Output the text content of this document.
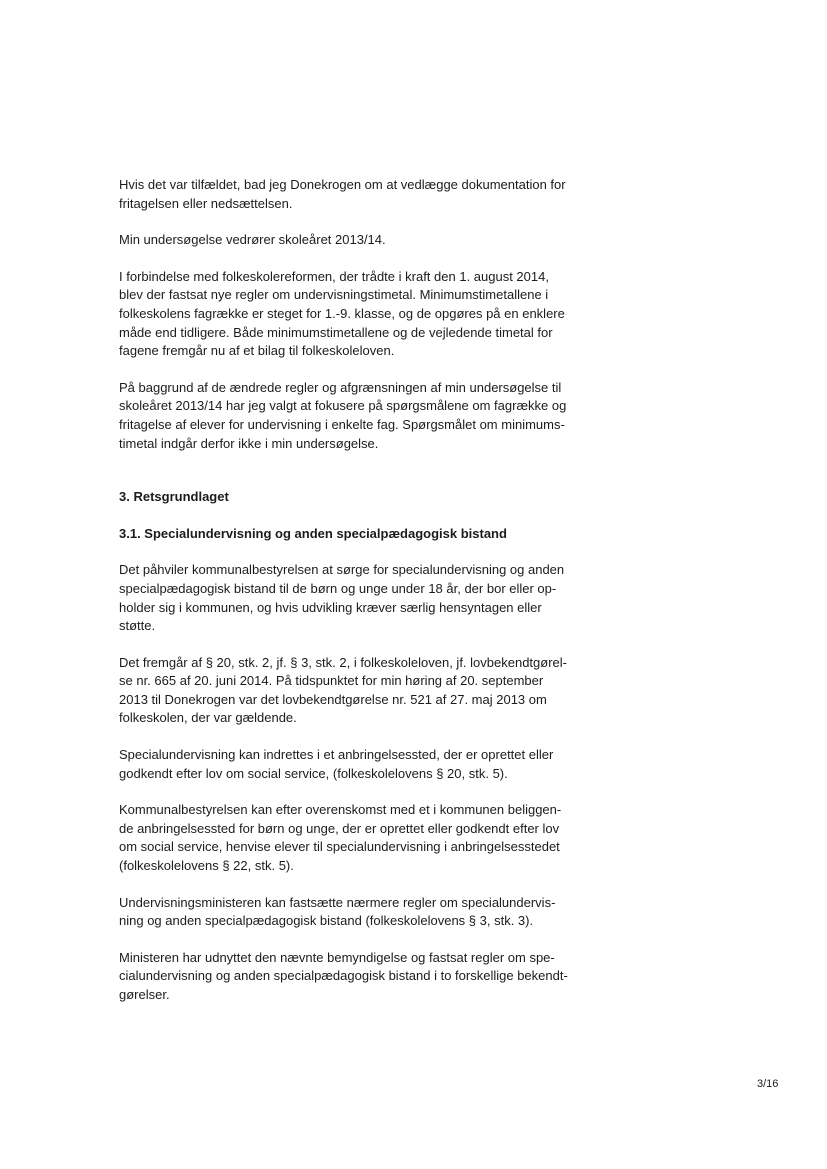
Hvis det var tilfældet, bad jeg Donekrogen om at vedlægge dokumentation for
fritagelsen eller nedsættelsen.

Min undersøgelse vedrører skoleåret 2013/14.

I forbindelse med folkeskolereformen, der trådte i kraft den 1. august 2014,
blev der fastsat nye regler om undervisningstimetal. Minimumstimetallene i
folkeskolens fagrække er steget for 1.-9. klasse, og de opgøres på en enklere
måde end tidligere. Både minimumstimetallene og de vejledende timetal for
fagene fremgår nu af et bilag til folkeskoleloven.

På baggrund af de ændrede regler og afgrænsningen af min undersøgelse til
skoleåret 2013/14 har jeg valgt at fokusere på spørgsmålene om fagrække og
fritagelse af elever for undervisning i enkelte fag. Spørgsmålet om minimums-
timetal indgår derfor ikke i min undersøgelse.

3. Retsgrundlaget
3.1. Specialundervisning og anden specialpædagogisk bistand

Det påhviler kommunalbestyrelsen at sørge for specialundervisning og anden
specialpædagogisk bistand til de børn og unge under 18 år, der bor eller op-
holder sig i kommunen, og hvis udvikling kræver særlig hensyntagen eller
støtte.

Det fremgår af § 20, stk. 2, jf. § 3, stk. 2, i folkeskoleloven, jf. lovbekendtgørel-
se nr. 665 af 20. juni 2014. På tidspunktet for min høring af 20. september
2013 til Donekrogen var det lovbekendtgørelse nr. 521 af 27. maj 2013 om
folkeskolen, der var gældende.

Specialundervisning kan indrettes i et anbringelsessted, der er oprettet eller
godkendt efter lov om social service, (folkeskolelovens § 20, stk. 5).

Kommunalbestyrelsen kan efter overenskomst med et i kommunen beliggen-
de anbringelsessted for børn og unge, der er oprettet eller godkendt efter lov
om social service, henvise elever til specialundervisning i anbringelsesstedet
(folkeskolelovens § 22, stk. 5).

Undervisningsministeren kan fastsætte nærmere regler om specialundervis-
ning og anden specialpædagogisk bistand (folkeskolelovens § 3, stk. 3).

Ministeren har udnyttet den nævnte bemyndigelse og fastsat regler om spe-
cialundervisning og anden specialpædagogisk bistand i to forskellige bekendt-
gørelser.

3/16
